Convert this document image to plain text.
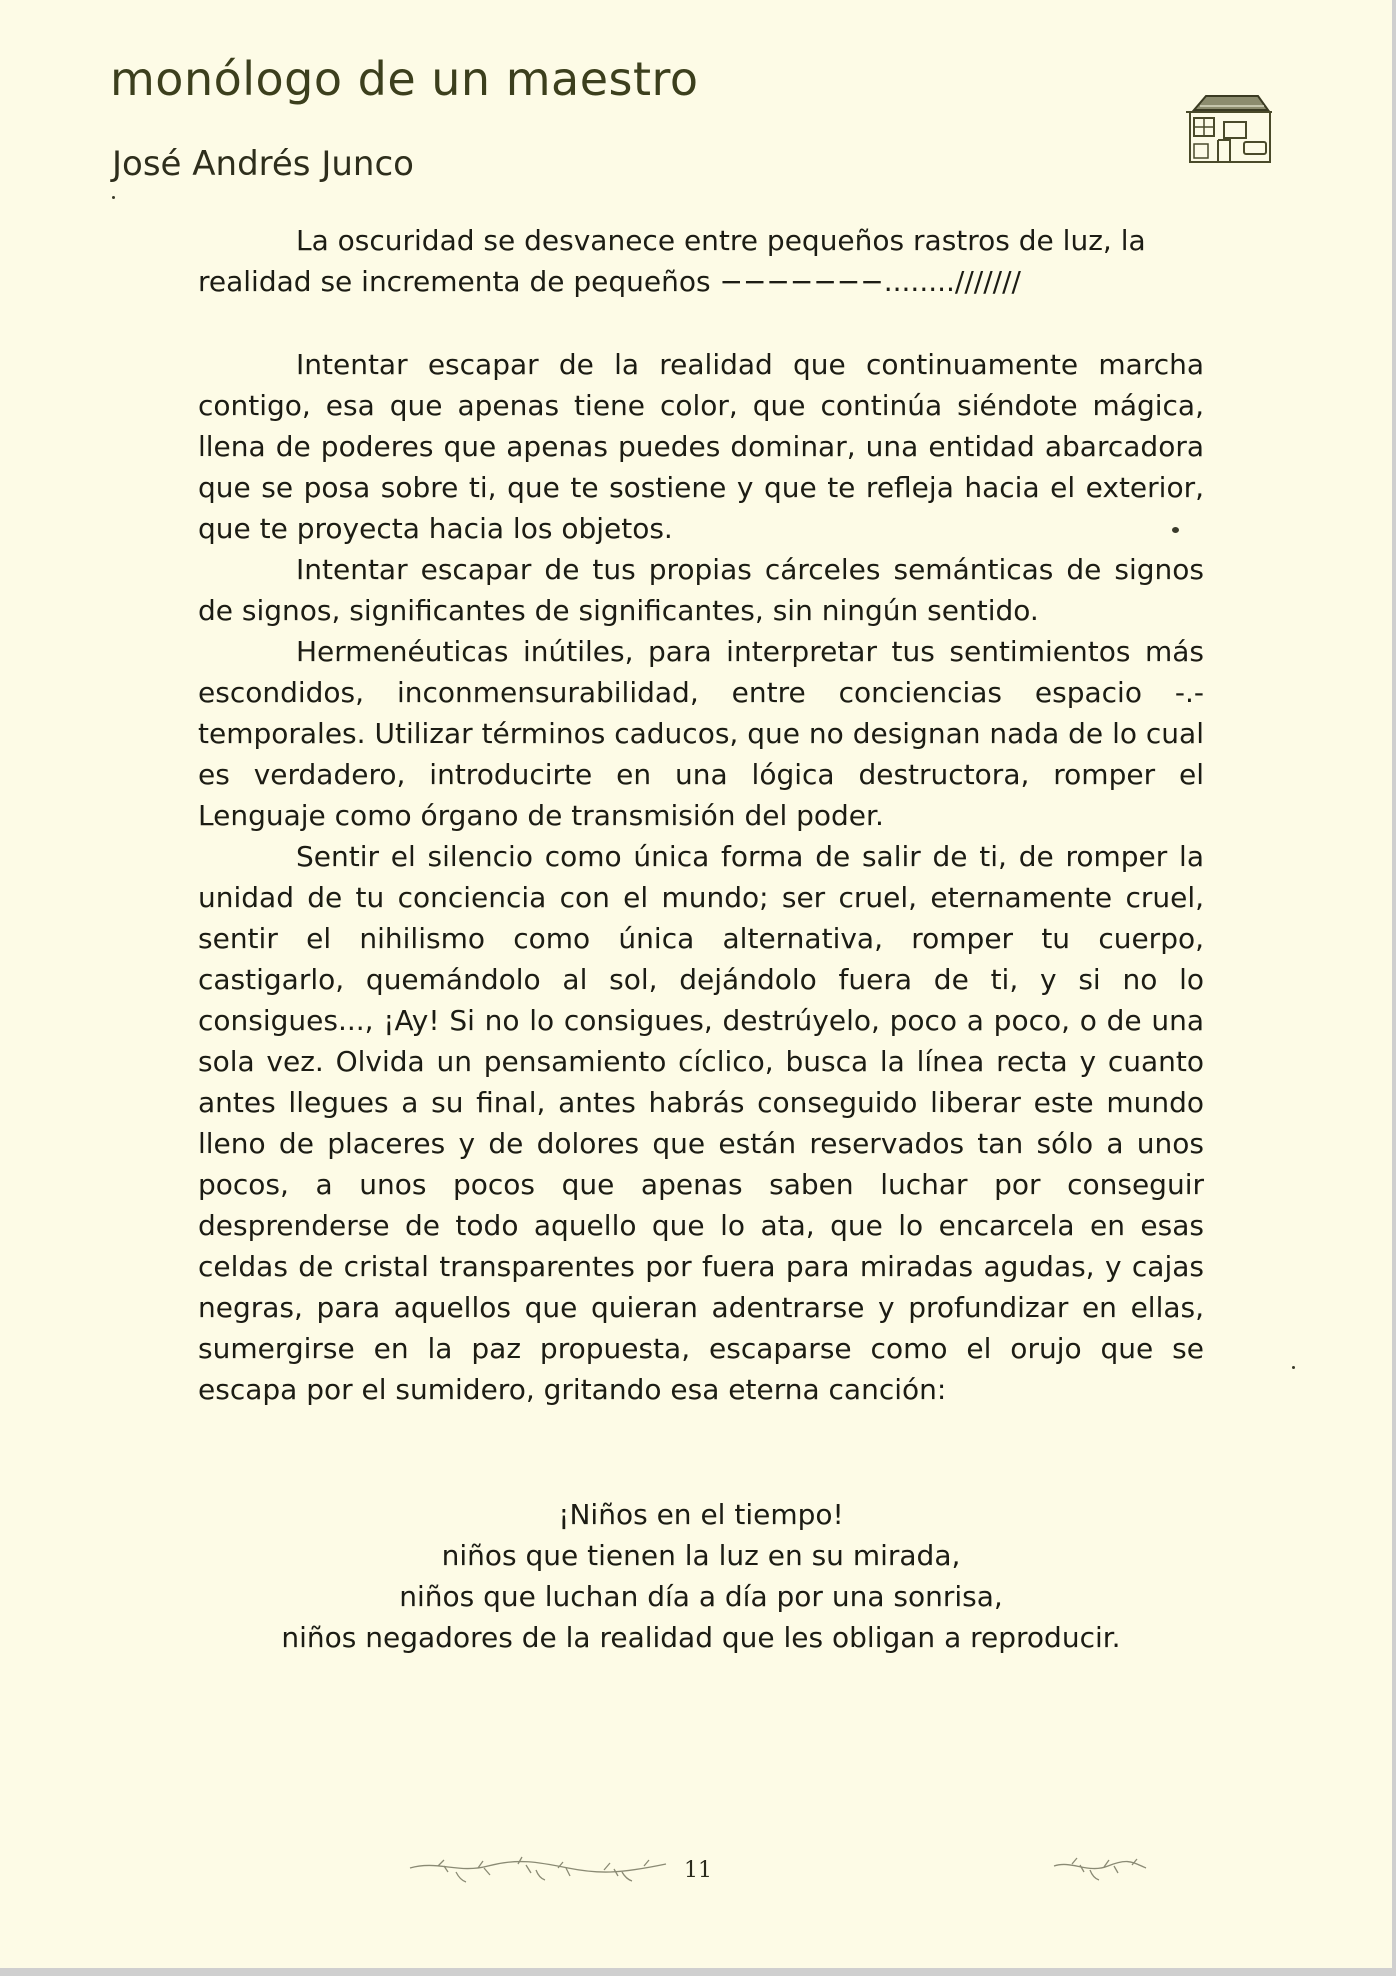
monólogo de un maestro
José Andrés Junco

La oscuridad se desvanece entre pequeños rastros de luz, la realidad se incrementa de pequeños −−−−−−−........///////

Intentar escapar de la realidad que continuamente marcha contigo, esa que apenas tiene color, que continúa siéndote mágica, llena de poderes que apenas puedes dominar, una entidad abarcadora que se posa sobre ti, que te sostiene y que te refleja hacia el exterior, que te proyecta hacia los objetos.

Intentar escapar de tus propias cárceles semánticas de signos de signos, significantes de significantes, sin ningún sentido.

Hermenéuticas inútiles, para interpretar tus sentimientos más escondidos, inconmensurabilidad, entre conciencias espacio -.- temporales. Utilizar términos caducos, que no designan nada de lo cual es verdadero, introducirte en una lógica destructora, romper el Lenguaje como órgano de transmisión del poder.

Sentir el silencio como única forma de salir de ti, de romper la unidad de tu conciencia con el mundo; ser cruel, eternamente cruel, sentir el nihilismo como única alternativa, romper tu cuerpo, castigarlo, quemándolo al sol, dejándolo fuera de ti, y si no lo consigues..., ¡Ay! Si no lo consigues, destrúyelo, poco a poco, o de una sola vez. Olvida un pensamiento cíclico, busca la línea recta y cuanto antes llegues a su final, antes habrás conseguido liberar este mundo lleno de placeres y de dolores que están reservados tan sólo a unos pocos, a unos pocos que apenas saben luchar por conseguir desprenderse de todo aquello que lo ata, que lo encarcela en esas celdas de cristal transparentes por fuera para miradas agudas, y cajas negras, para aquellos que quieran adentrarse y profundizar en ellas, sumergirse en la paz propuesta, escaparse como el orujo que se escapa por el sumidero, gritando esa eterna canción:

¡Niños en el tiempo!
niños que tienen la luz en su mirada,
niños que luchan día a día por una sonrisa,
niños negadores de la realidad que les obligan a reproducir.
11
